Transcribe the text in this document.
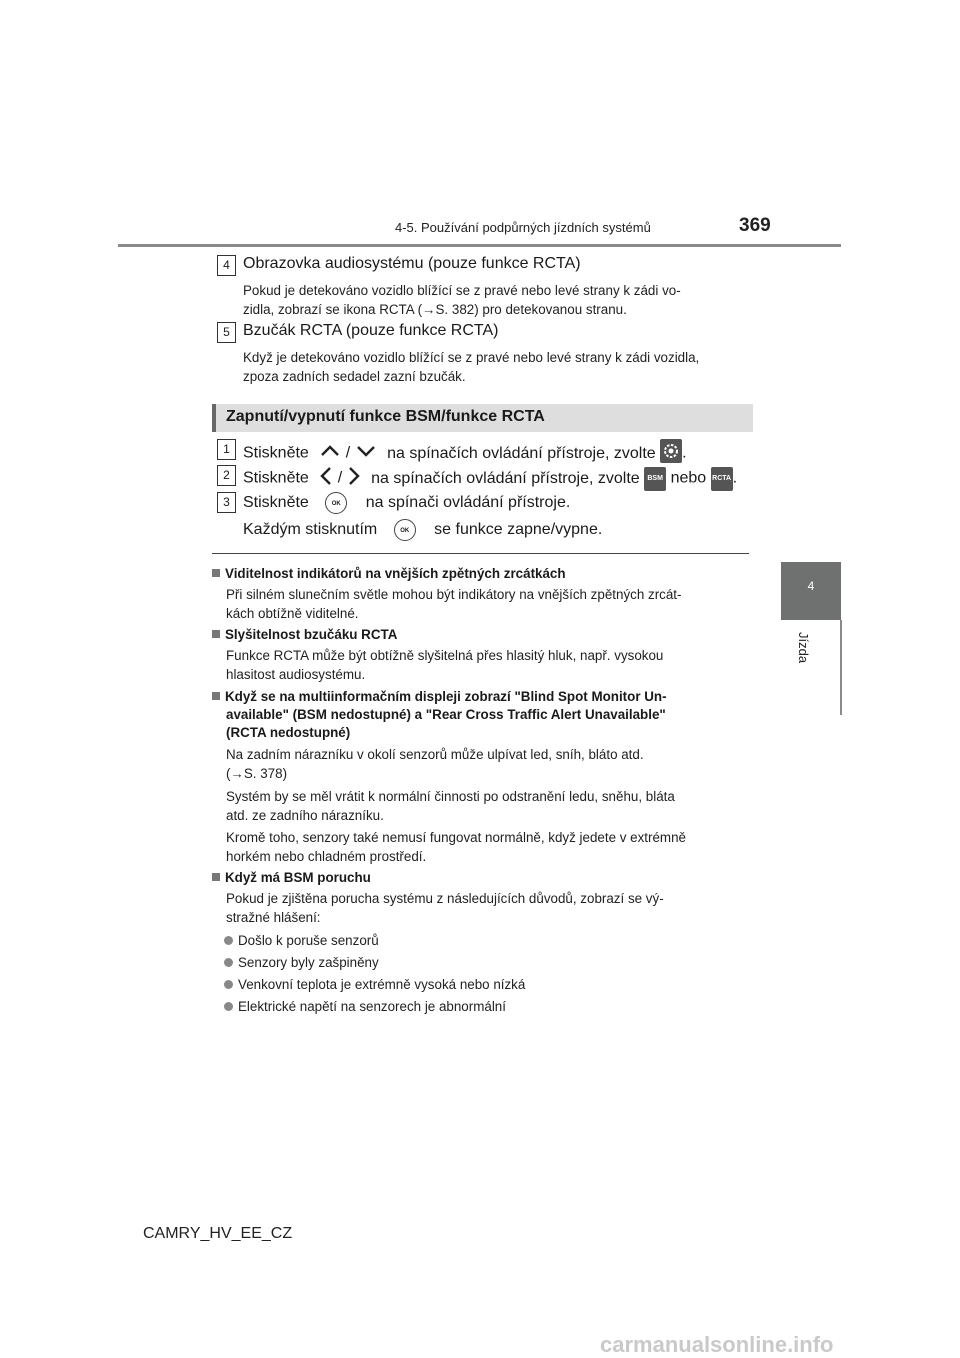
4-5. Používání podpůrných jízdních systémů	369
4
Jízda
4 Obrazovka audiosystému (pouze funkce RCTA)
Pokud je detekováno vozidlo blížící se z pravé nebo levé strany k zádi vo-
zidla, zobrazí se ikona RCTA (→S. 382) pro detekovanou stranu.
5 Bzučák RCTA (pouze funkce RCTA)
Když je detekováno vozidlo blížící se z pravé nebo levé strany k zádi vozidla,
zpoza zadních sedadel zazní bzučák.
Zapnutí/vypnutí funkce BSM/funkce RCTA
1 Stiskněte / na spínačích ovládání přístroje, zvolte .
2 Stiskněte / na spínačích ovládání přístroje, zvolte BSM nebo RCTA.
3 Stiskněte	OK na spínači ovládání přístroje.
Každým stisknutím	OK se funkce zapne/vypne.
Viditelnost indikátorů na vnějších zpětných zrcátkách
Při silném slunečním světle mohou být indikátory na vnějších zpětných zrcát-
kách obtížně viditelné.
Slyšitelnost bzučáku RCTA
Funkce RCTA může být obtížně slyšitelná přes hlasitý hluk, např. vysokou
hlasitost audiosystému.
Když se na multiinformačním displeji zobrazí "Blind Spot Monitor Un-
available" (BSM nedostupné) a "Rear Cross Traffic Alert Unavailable"
(RCTA nedostupné)
Na zadním nárazníku v okolí senzorů může ulpívat led, sníh, bláto atd.
(→S. 378)
Systém by se měl vrátit k normální činnosti po odstranění ledu, sněhu, bláta
atd. ze zadního nárazníku.
Kromě toho, senzory také nemusí fungovat normálně, když jedete v extrémně
horkém nebo chladném prostředí.
Když má BSM poruchu
Pokud je zjištěna porucha systému z následujících důvodů, zobrazí se vý-
stražné hlášení:
Došlo k poruše senzorů
Senzory byly zašpiněny
Venkovní teplota je extrémně vysoká nebo nízká
Elektrické napětí na senzorech je abnormální
CAMRY_HV_EE_CZ
carmanualsonline.info
